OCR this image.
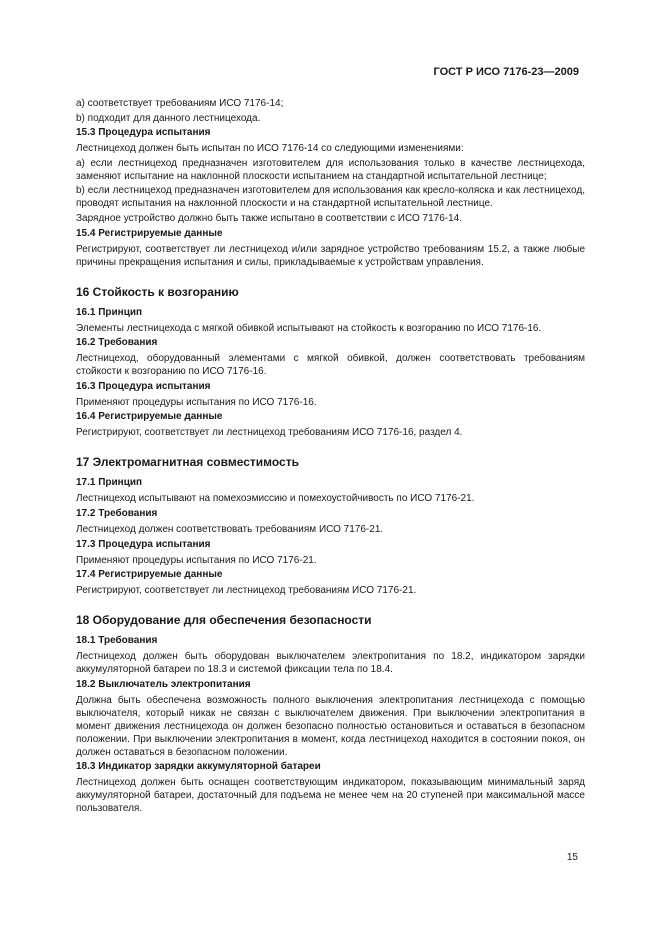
ГОСТ Р ИСО 7176-23—2009
а) соответствует требованиям ИСО 7176-14;
b) подходит для данного лестницехода.
15.3 Процедура испытания
Лестницеход должен быть испытан по ИСО 7176-14 со следующими изменениями:
а) если лестницеход предназначен изготовителем для использования только в качестве лестницехода, заменяют испытание на наклонной плоскости испытанием на стандартной испытательной лестнице;
b) если лестницеход предназначен изготовителем для использования как кресло-коляска и как лестницеход, проводят испытания на наклонной плоскости и на стандартной испытательной лестнице.
Зарядное устройство должно быть также испытано в соответствии с ИСО 7176-14.
15.4 Регистрируемые данные
Регистрируют, соответствует ли лестницеход и/или зарядное устройство требованиям 15.2, а также любые причины прекращения испытания и силы, прикладываемые к устройствам управления.
16 Стойкость к возгоранию
16.1 Принцип
Элементы лестницехода с мягкой обивкой испытывают на стойкость к возгоранию по ИСО 7176-16.
16.2 Требования
Лестницеход, оборудованный элементами с мягкой обивкой, должен соответствовать требованиям стойкости к возгоранию по ИСО 7176-16.
16.3 Процедура испытания
Применяют процедуры испытания по ИСО 7176-16.
16.4 Регистрируемые данные
Регистрируют, соответствует ли лестницеход требованиям ИСО 7176-16, раздел 4.
17 Электромагнитная совместимость
17.1 Принцип
Лестницеход испытывают на помехоэмиссию и помехоустойчивость по ИСО 7176-21.
17.2 Требования
Лестницеход должен соответствовать требованиям ИСО 7176-21.
17.3 Процедура испытания
Применяют процедуры испытания по ИСО 7176-21.
17.4 Регистрируемые данные
Регистрируют, соответствует ли лестницеход требованиям ИСО 7176-21.
18 Оборудование для обеспечения безопасности
18.1 Требования
Лестницеход должен быть оборудован выключателем электропитания по 18.2, индикатором зарядки аккумуляторной батареи по 18.3 и системой фиксации тела по 18.4.
18.2 Выключатель электропитания
Должна быть обеспечена возможность полного выключения электропитания лестницехода с помощью выключателя, который никак не связан с выключателем движения. При выключении электропитания в момент движения лестницехода он должен безопасно полностью остановиться и оставаться в безопасном положении. При выключении электропитания в момент, когда лестницеход находится в состоянии покоя, он должен оставаться в безопасном положении.
18.3 Индикатор зарядки аккумуляторной батареи
Лестницеход должен быть оснащен соответствующим индикатором, показывающим минимальный заряд аккумуляторной батареи, достаточный для подъема не менее чем на 20 ступеней при максимальной массе пользователя.
15
